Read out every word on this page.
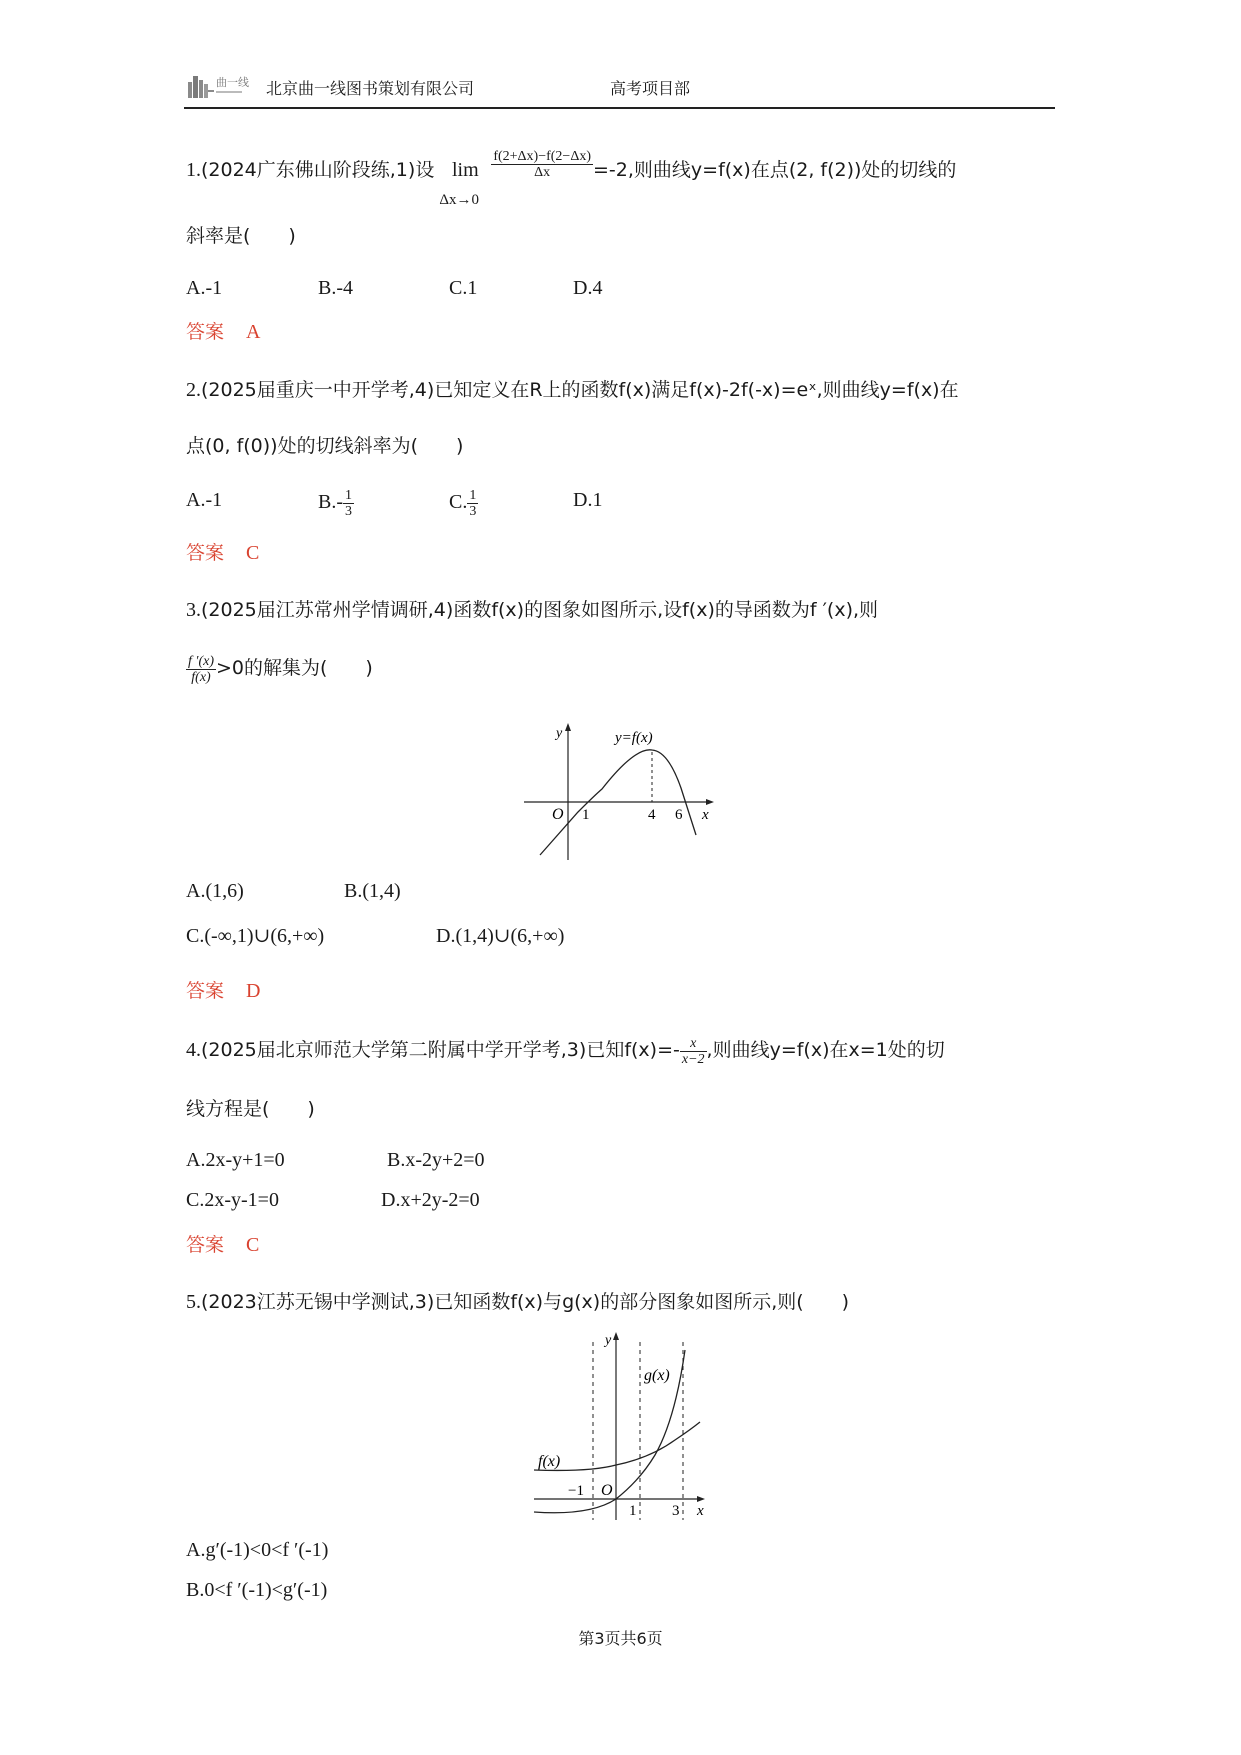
曲一线 北京曲一线图书策划有限公司	高考项目部
1.(2024广东佛山阶段练,1)设 lim
Δx→0
$\frac{f(2+\Delta x)-f(2-\Delta x)}{\Delta x} =-2$,则曲线y=f(x)在点(2, f(2))处的切线的
斜率是(　　)
A.-1	B.-4	C.1	D.4
答案 A
2.(2025届重庆一中开学考,4)已知定义在R上的函数f(x)满足f(x)-2f(-x)=eˣ,则曲线y=f(x)在
点(0, f(0))处的切线斜率为(　　)
A.-1	$B.- \frac{1}{3}$	C. $\frac{1}{3}$	D.1
答案 C
3.(2025届江苏常州学情调研,4)函数f(x)的图象如图所示,设f(x)的导函数为f ′(x),则
$\frac{f '(x)}{f(x)} >0$的解集为(　　)
y	y=f(x)
O 1	4 6 x
A.(1,6)	B.(1,4)
C.(-∞,1)∪(6,+∞)	D.(1,4)∪(6,+∞)
答案 D
4.(2025届北京师范大学第二附属中学开学考,3)已知$f(x)=- \frac{x}{x-2}$ ,则曲线y=f(x)在x=1处的切
线方程是(　　)
A.2x-y+1=0	B.x-2y+2=0
C.2x-y-1=0	D.x+2y-2=0
答案 C
5.(2023江苏无锡中学测试,3)已知函数f(x)与g(x)的部分图象如图所示,则(　　)
y
g(x)
f(x)
−1 O
1 3 x
A.g′(-1)<0<f ′(-1)
B.0<f ′(-1)<g′(-1)
第3页共6页
